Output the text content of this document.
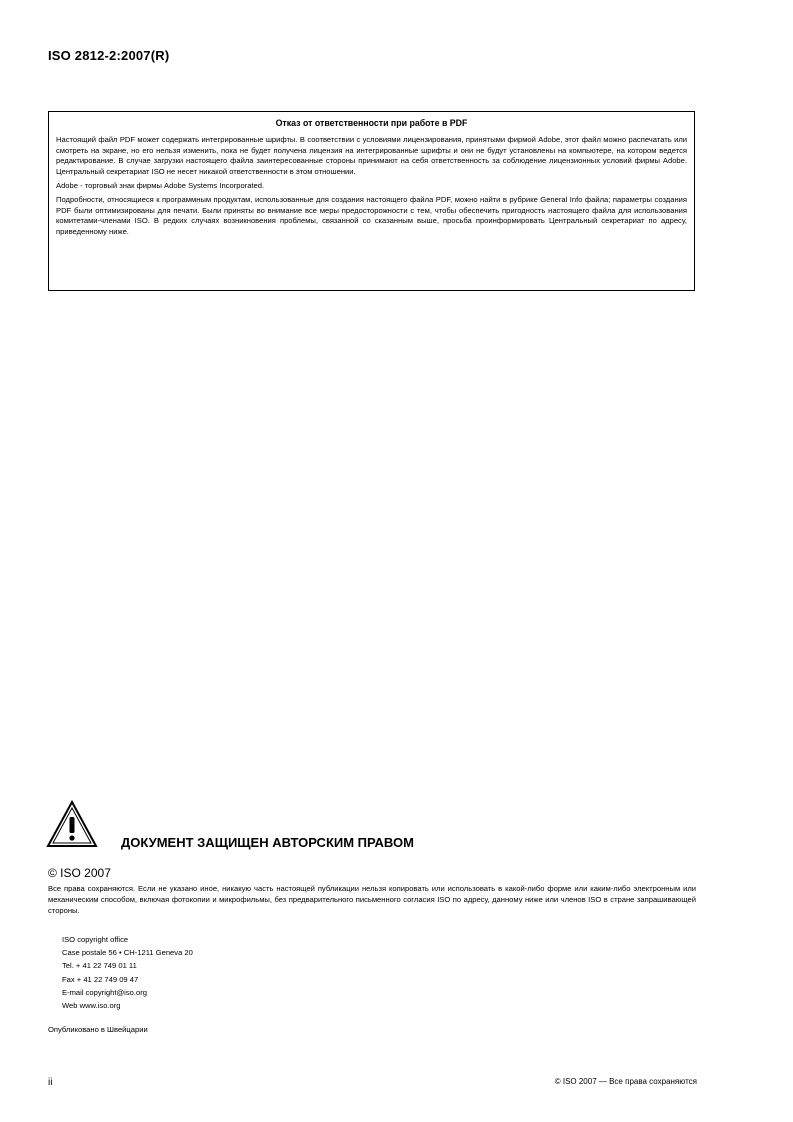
ISO 2812-2:2007(R)
Отказ от ответственности при работе в PDF

Настоящий файл PDF может содержать интегрированные шрифты. В соответствии с условиями лицензирования, принятыми фирмой Adobe, этот файл можно распечатать или смотреть на экране, но его нельзя изменить, пока не будет получена лицензия на интегрированные шрифты и они не будут установлены на компьютере, на котором ведется редактирование. В случае загрузки настоящего файла заинтересованные стороны принимают на себя ответственность за соблюдение лицензионных условий фирмы Adobe. Центральный секретариат ISO не несет никакой ответственности в этом отношении.

Adobe - торговый знак фирмы Adobe Systems Incorporated.

Подробности, относящиеся к программным продуктам, использованные для создания настоящего файла PDF, можно найти в рубрике General Info файла; параметры создания PDF были оптимизированы для печати. Были приняты во внимание все меры предосторожности с тем, чтобы обеспечить пригодность настоящего файла для использования комитетами-членами ISO. В редких случаях возникновения проблемы, связанной со сказанным выше, просьба проинформировать Центральный секретариат по адресу, приведенному ниже.

ДОКУМЕНТ ЗАЩИЩЕН АВТОРСКИМ ПРАВОМ
© ISO 2007
Все права сохраняются. Если не указано иное, никакую часть настоящей публикации нельзя копировать или использовать в какой-либо форме или каким-либо электронным или механическим способом, включая фотокопии и микрофильмы, без предварительного письменного согласия ISO по адресу, данному ниже или членов ISO в стране запрашивающей стороны.
ISO copyright office
Case postale 56 • CH-1211 Geneva 20
Tel. + 41 22 749 01 11
Fax + 41 22 749 09 47
E-mail copyright@iso.org
Web www.iso.org
Опубликовано в Швейцарии
ii	© ISO 2007 — Все права сохраняются
